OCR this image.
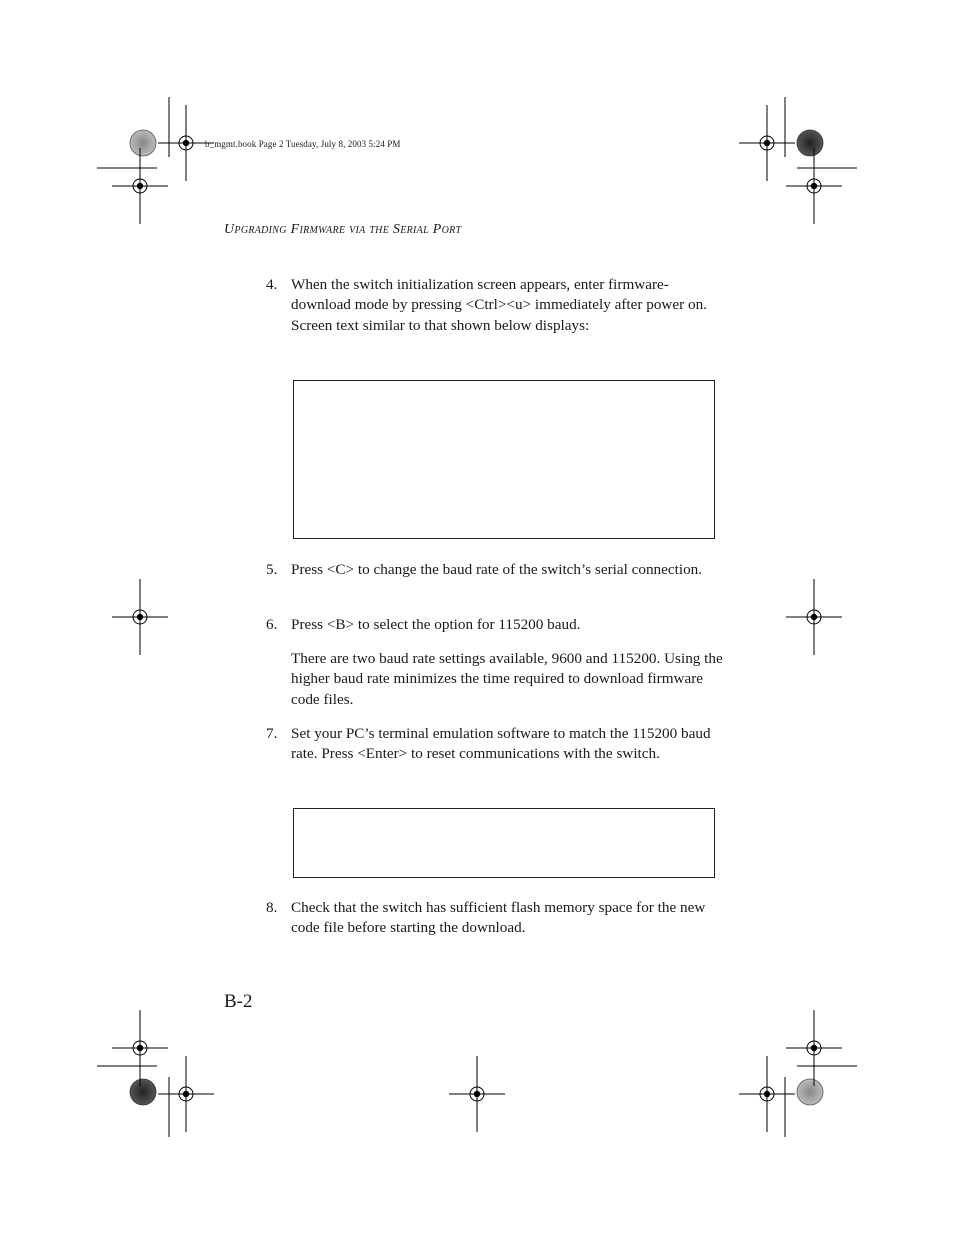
b_mgmt.book Page 2 Tuesday, July 8, 2003 5:24 PM
Upgrading Firmware via the Serial Port
4. When the switch initialization screen appears, enter firmware-download mode by pressing <Ctrl><u> immediately after power on. Screen text similar to that shown below displays:
5. Press <C> to change the baud rate of the switch’s serial connection.
6. Press <B> to select the option for 115200 baud.
There are two baud rate settings available, 9600 and 115200. Using the higher baud rate minimizes the time required to download firmware code files.
7. Set your PC’s terminal emulation software to match the 115200 baud rate. Press <Enter> to reset communications with the switch.
8. Check that the switch has sufficient flash memory space for the new code file before starting the download.
B-2
